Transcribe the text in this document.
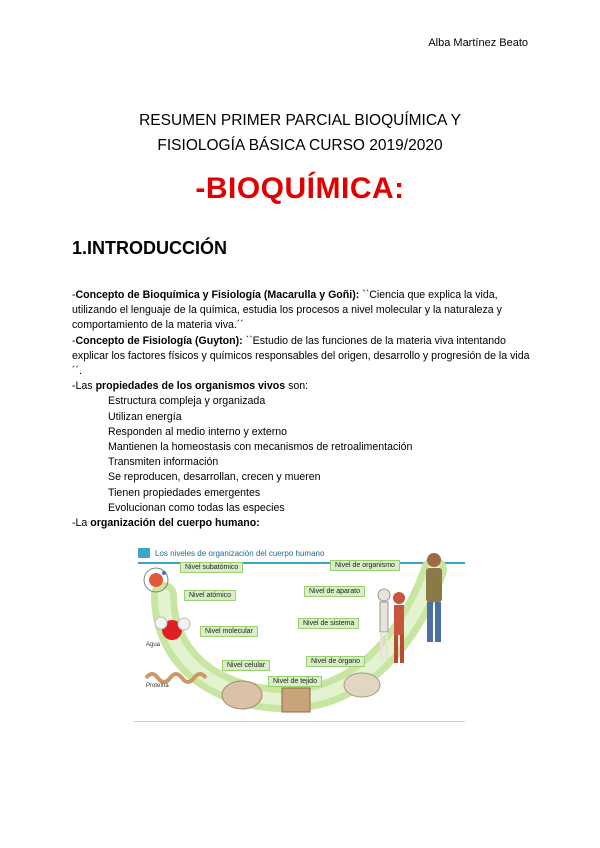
Alba Martínez Beato
RESUMEN PRIMER PARCIAL BIOQUÍMICA Y
FISIOLOGÍA BÁSICA CURSO 2019/2020
-BIOQUÍMICA:
1.INTRODUCCIÓN

-Concepto de Bioquímica y Fisiología (Macarulla y Goñi): ``Ciencia que explica la vida, utilizando el lenguaje de la química, estudia los procesos a nivel molecular y la naturaleza y comportamiento de la materia viva.´´

-Concepto de Fisiología (Guyton): ``Estudio de las funciones de la materia viva intentando explicar los factores físicos y químicos responsables del origen, desarrollo y progresión de la vida´´.

-Las propiedades de los organismos vivos son:

Estructura compleja y organizada
Utilizan energía
Responden al medio interno y externo
Mantienen la homeostasis con mecanismos de retroalimentación
Transmiten información
Se reproducen, desarrollan, crecen y mueren
Tienen propiedades emergentes
Evolucionan como todas las especies

-La organización del cuerpo humano:

Los niveles de organización del cuerpo humano
Nivel subatómico
Nivel atómico
Nivel molecular
Nivel celular
Nivel de tejido
Nivel de órgano
Nivel de sistema
Nivel de aparato
Nivel de organismo
Agua
Proteína
